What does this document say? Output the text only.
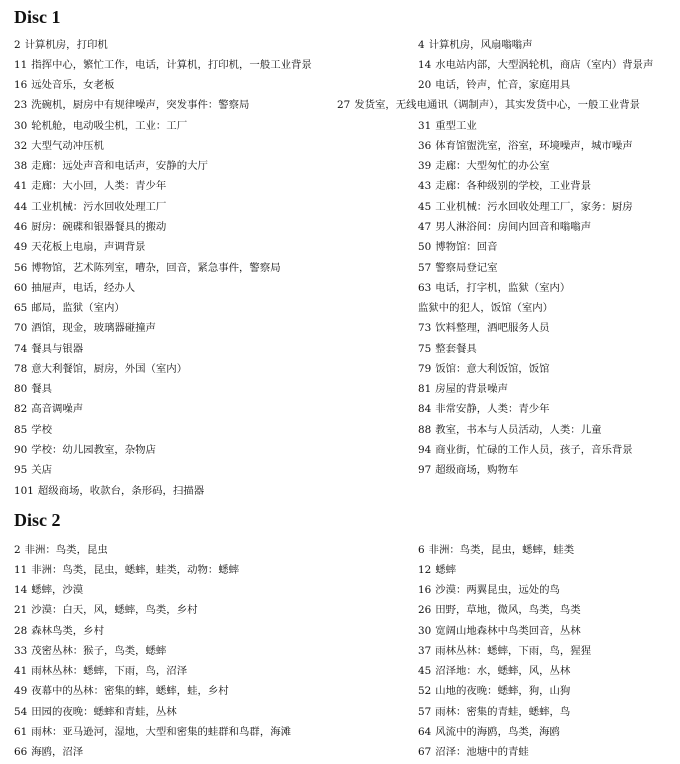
Disc 1
2 计算机房，打印机	4 计算机房，风扇嗡嗡声
11 指挥中心，繁忙工作，电话，计算机，打印机，一般工业背景	14 水电站内部，大型涡轮机，商店（室内）背景声
16 远处音乐，女老板	20 电话，铃声，忙音，家庭用具
23 洗碗机，厨房中有规律噪声，突发事件：警察局	27 发货室，无线电通讯（调制声），其实发货中心，一般工业背景
30 轮机舱，电动吸尘机，工业：工厂	31 重型工业
32 大型气动冲压机	36 体育馆盥洗室，浴室，环境噪声，城市噪声
38 走廊：远处声音和电话声，安静的大厅	39 走廊：大型匆忙的办公室
41 走廊：大小回，人类：青少年	43 走廊：各种级别的学校，工业背景
44 工业机械：污水回收处理工厂	45 工业机械：污水回收处理工厂，家务：厨房
46 厨房：碗碟和银器餐具的搬动	47 男人淋浴间：房间内回音和嗡嗡声
49 天花板上电扇，声调背景	50 博物馆：回音
56 博物馆，艺术陈列室，嘈杂，回音，紧急事件，警察局	57 警察局登记室
60 抽屉声，电话，经办人	63 电话，打字机，监狱（室内）
65 邮局，监狱（室内）	监狱中的犯人，饭馆（室内）
70 酒馆，现金，玻璃器碰撞声	73 饮料整理，酒吧服务人员
74 餐具与银器	75 整套餐具
78 意大利餐馆，厨房，外国（室内）	79 饭馆：意大利饭馆，饭馆
80 餐具	81 房屋的背景噪声
82 高音调噪声	84 非常安静，人类：青少年
85 学校	88 教室，书本与人员活动，人类：儿童
90 学校：幼儿园教室，杂物店	94 商业街，忙碌的工作人员，孩子，音乐背景
95 关店	97 超级商场，购物车
101 超级商场，收款台，条形码，扫描器
Disc 2
2 非洲：鸟类，昆虫	6 非洲：鸟类，昆虫，蟋蟀，蛙类
11 非洲：鸟类，昆虫，蟋蟀，蛙类，动物：蟋蟀	12 蟋蟀
14 蟋蟀，沙漠	16 沙漠：两翼昆虫，远处的鸟
21 沙漠：白天，风，蟋蟀，鸟类，乡村	26 田野，草地，微风，鸟类，鸟类
28 森林鸟类，乡村	30 宽阔山地森林中鸟类回音，丛林
33 茂密丛林：猴子，鸟类，蟋蟀	37 雨林丛林：蟋蟀，下雨，鸟，猩猩
41 雨林丛林：蟋蟀，下雨，鸟，沼泽	45 沼泽地：水，蟋蟀，风，丛林
49 夜幕中的丛林：密集的蟀，蟋蟀，蛙，乡村	52 山地的夜晚：蟋蟀，狗，山狗
54 田园的夜晚：蟋蟀和青蛙，丛林	57 雨林：密集的青蛙，蟋蟀，鸟
61 雨林：亚马逊河，湿地，大型和密集的蛙群和鸟群，海滩	64 风流中的海鸥，鸟类，海鸥
66 海鸥，沼泽	67 沼泽：池塘中的青蛙
